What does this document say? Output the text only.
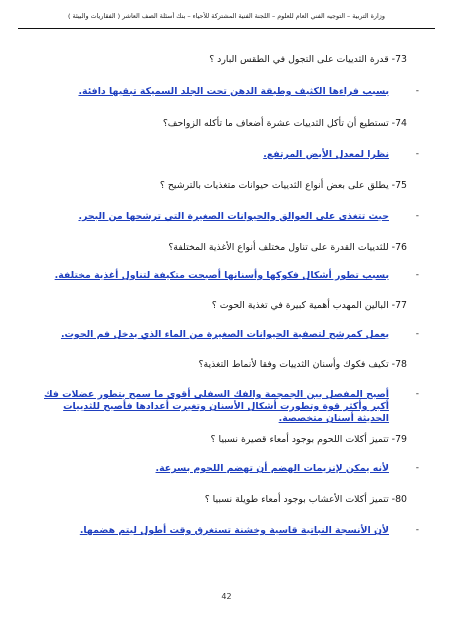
وزارة التربية – التوجيه الفني العام للعلوم – اللجنة الفنية المشتركة للأحياء – بنك أسئلة الصف العاشر ( الفقاريات والبيئة )
73- قدرة الثدييات على التجول في الطقس البارد ؟
-
بسبب فراءها الكثيف وطبقة الدهن تحت الجلد السميكة تبقيها دافئة.
74- تستطيع أن تأكل الثدييات عشرة أضعاف ما تأكله الزواحف؟
-
نظرا لمعدل الأيض المرتفع.
75- يطلق على بعض أنواع الثدييات حيوانات متغذيات بالترشيح ؟
-
حيث تتغذى على العوالق والحيوانات الصغيرة التي ترشحها من البحر.
76- للثدييات القدرة على تناول مختلف أنواع الأغذية المختلفة؟
-
بسبب تطور أشكال فكوكها وأسنانها أصبحت متكيفة لتناول أغذية مختلفة.
77- البالين المهدب أهمية كبيرة في تغذية الحوت ؟
-
يعمل كمرشح لتصفية الحيوانات الصغيرة من الماء الذي يدخل فم الحوت.
78- تكيف فكوك وأسنان الثدييات وفقا لأنماط التغذية؟
-
أصبح المفصل بين الجمجمة والفك السفلي أقوى ما سمح بتطور عضلات فك أكبر وأكثر قوة وتطورت أشكال الأسنان وتغيرت أعدادها فأصبح للثدييات الحديثة أسنان متخصصة.
79- تتميز أكلات اللحوم بوجود أمعاء قصيرة نسبيا ؟
-
لأنه يمكن لإنزيمات الهضم أن تهضم اللحوم بسرعة.
80- تتميز أكلات الأعشاب بوجود أمعاء طويلة نسبيا ؟
-
لأن الأنسجة النباتية قاسية وخشنة تستغرق وقت أطول ليتم هضمها.
42
